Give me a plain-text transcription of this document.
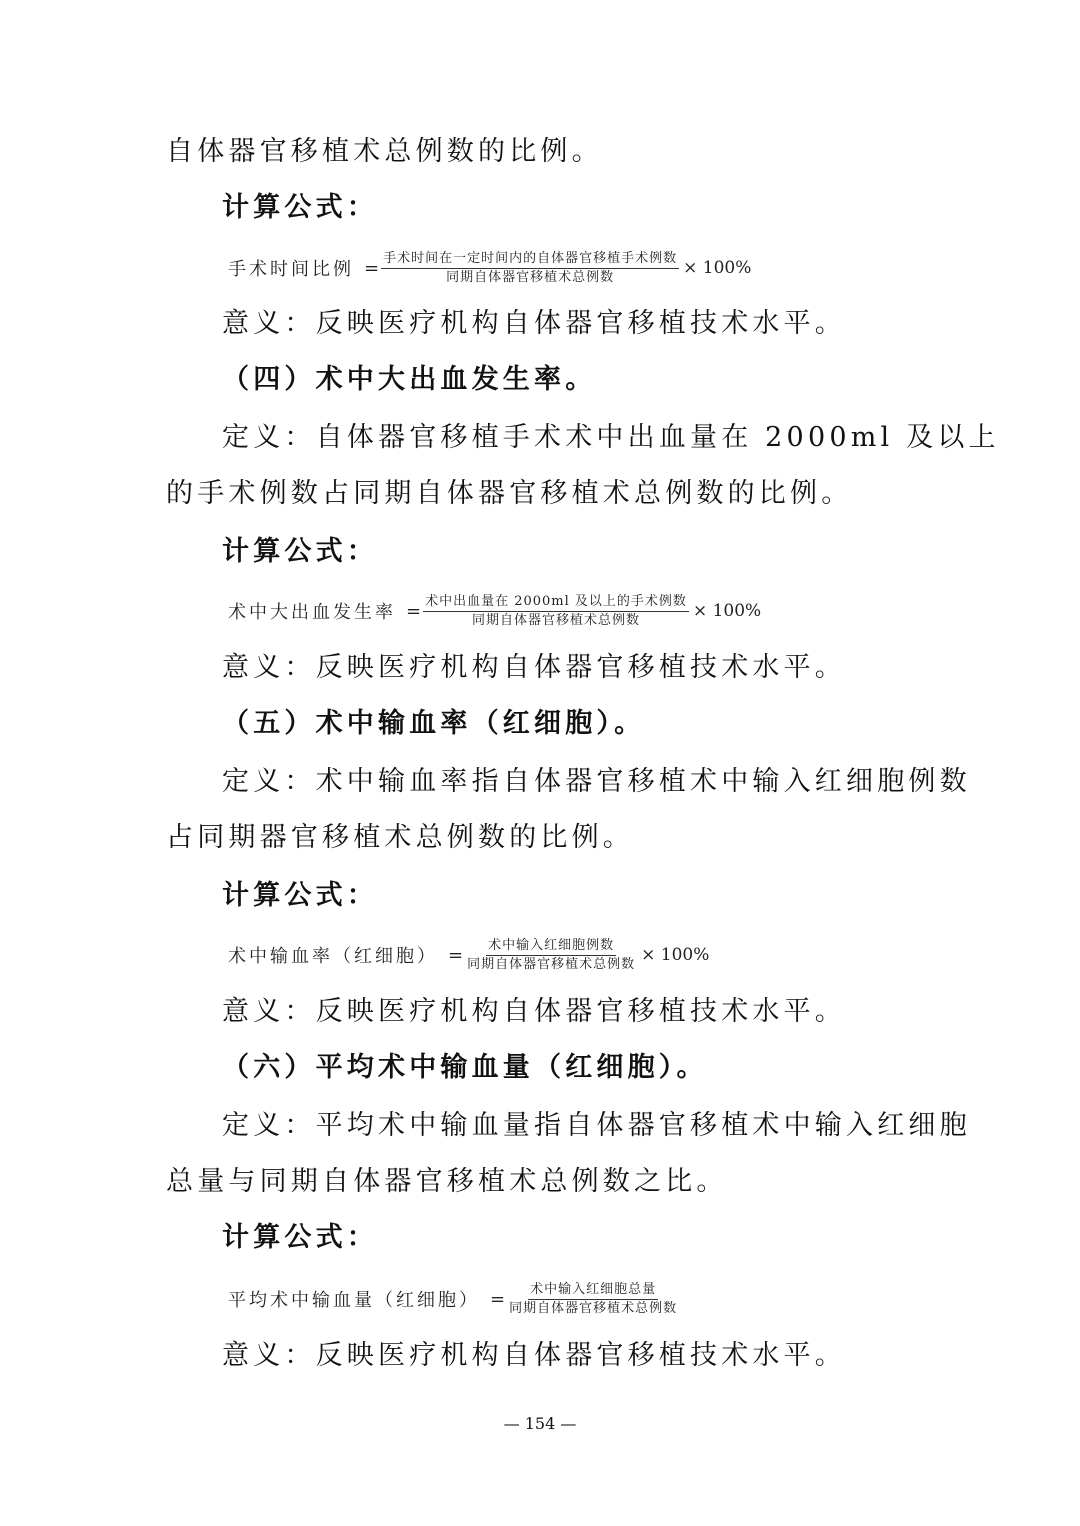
自体器官移植术总例数的比例。
计算公式：
手术时间比例 = $\frac{\text{手术时间在一定时间内的自体器官移植手术例数}}{\text{同期自体器官移植术总例数}} \times 100\%$
意义：反映医疗机构自体器官移植技术水平。
（四）术中大出血发生率。
定义：自体器官移植手术术中出血量在 2000ml 及以上
的手术例数占同期自体器官移植术总例数的比例。
计算公式：
术中大出血发生率 = $\frac{\text{术中出血量在 2000ml 及以上的手术例数}}{\text{同期自体器官移植术总例数}} \times 100\%$
意义：反映医疗机构自体器官移植技术水平。
（五）术中输血率（红细胞）。
定义：术中输血率指自体器官移植术中输入红细胞例数
占同期器官移植术总例数的比例。
计算公式：
术中输血率（红细胞） = $\frac{\text{术中输入红细胞例数}}{\text{同期自体器官移植术总例数}} \times 100\%$
意义：反映医疗机构自体器官移植技术水平。
（六）平均术中输血量（红细胞）。
定义：平均术中输血量指自体器官移植术中输入红细胞
总量与同期自体器官移植术总例数之比。
计算公式：
平均术中输血量（红细胞） = $\frac{\text{术中输入红细胞总量}}{\text{同期自体器官移植术总例数}}$
意义：反映医疗机构自体器官移植技术水平。
— 154 —
